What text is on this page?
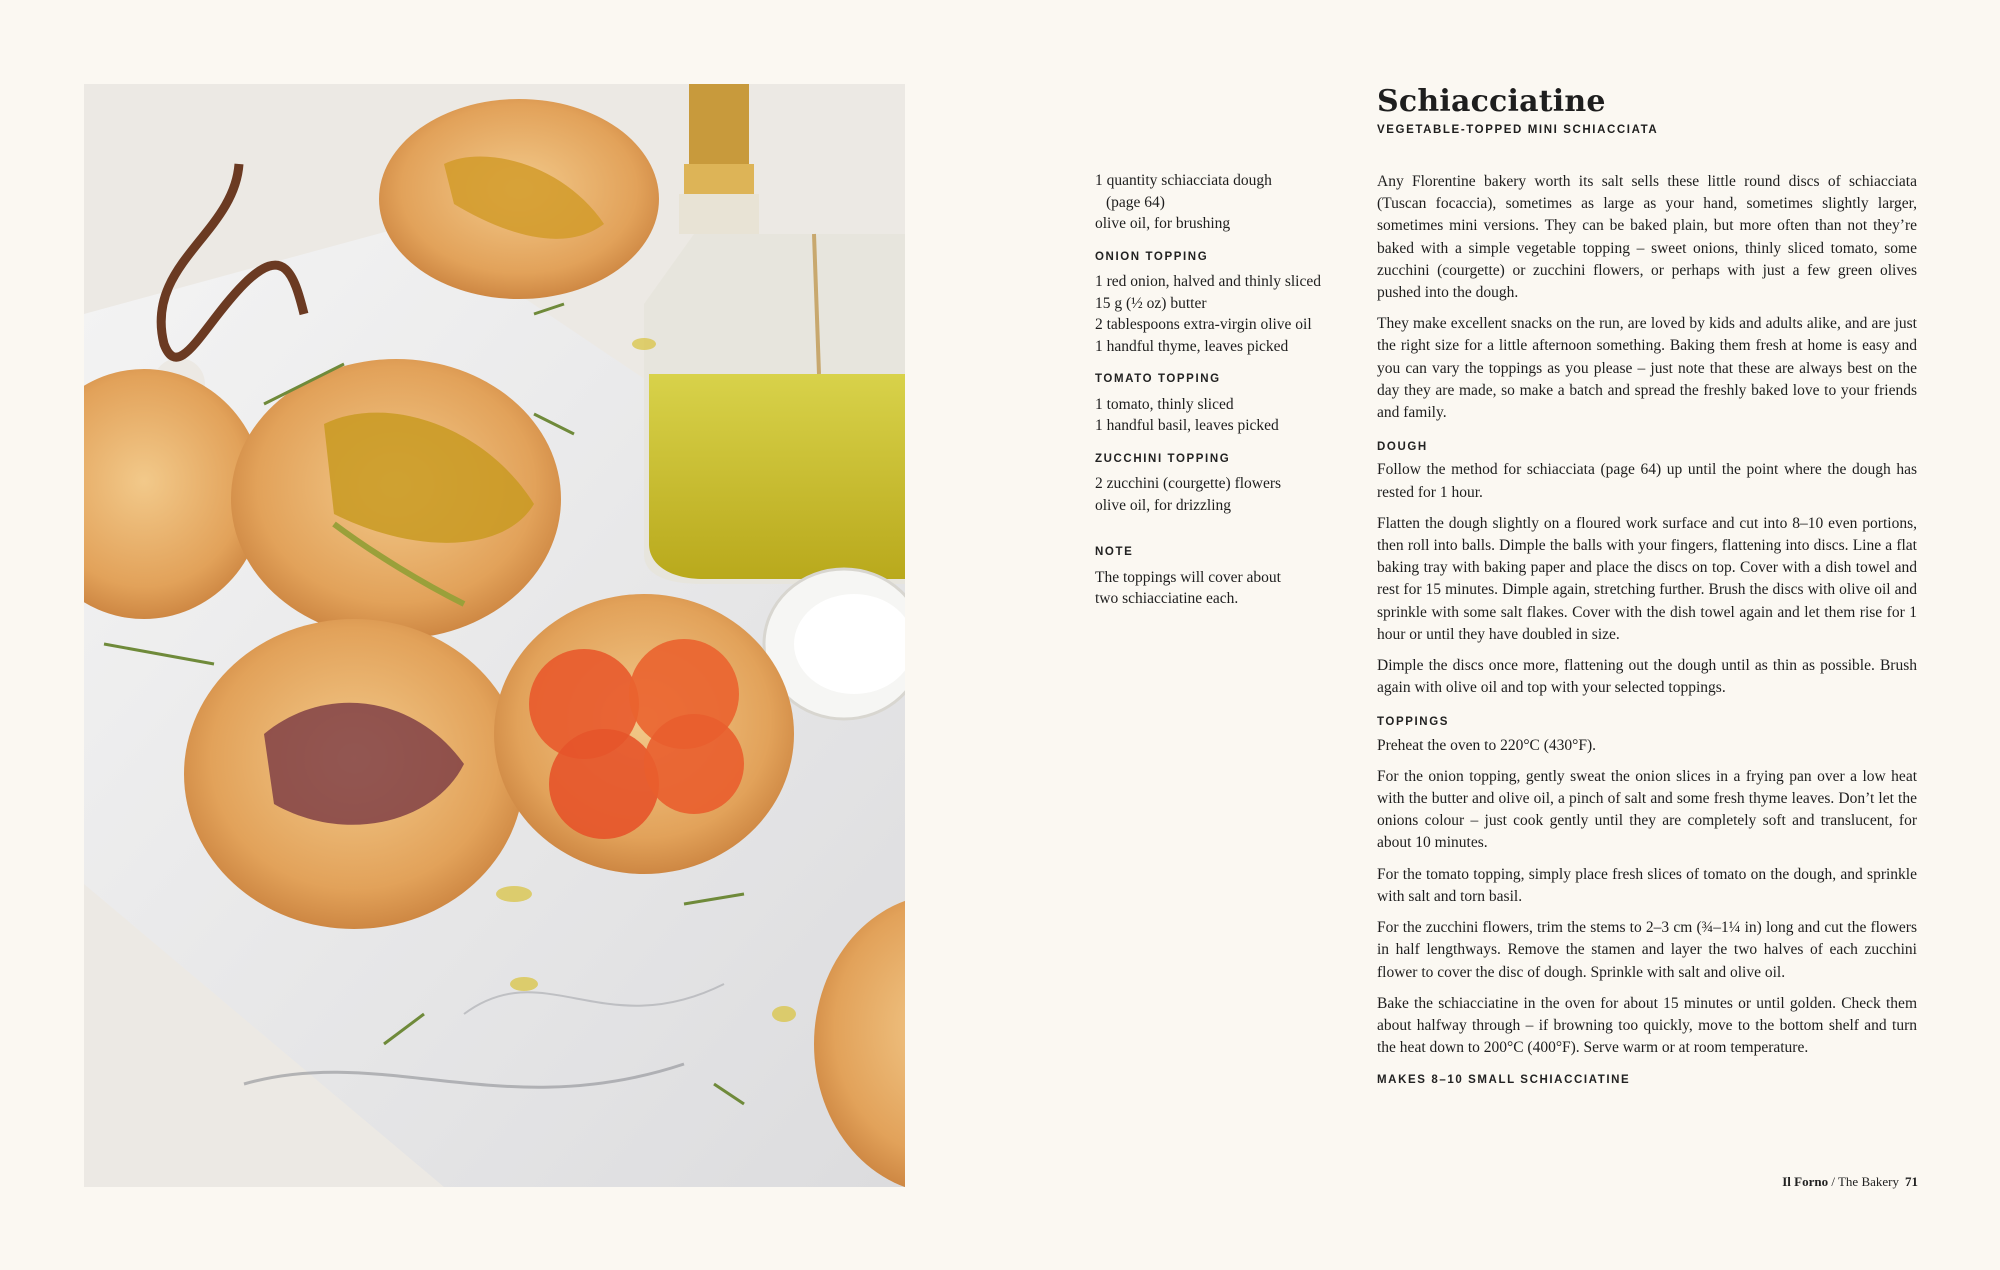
Schiacciatine
VEGETABLE-TOPPED MINI SCHIACCIATA
1 quantity schiacciata dough
(page 64)
olive oil, for brushing
ONION TOPPING
1 red onion, halved and thinly sliced
15 g (½ oz) butter
2 tablespoons extra-virgin olive oil
1 handful thyme, leaves picked
TOMATO TOPPING
1 tomato, thinly sliced
1 handful basil, leaves picked
ZUCCHINI TOPPING
2 zucchini (courgette) flowers
olive oil, for drizzling
NOTE
The toppings will cover about
two schiacciatine each.

Any Florentine bakery worth its salt sells these little round discs of schiacciata (Tuscan focaccia), sometimes as large as your hand, sometimes slightly larger, sometimes mini versions. They can be baked plain, but more often than not they’re baked with a simple vegetable topping – sweet onions, thinly sliced tomato, some zucchini (courgette) or zucchini flowers, or perhaps with just a few green olives pushed into the dough.

They make excellent snacks on the run, are loved by kids and adults alike, and are just the right size for a little afternoon something. Baking them fresh at home is easy and you can vary the toppings as you please – just note that these are always best on the day they are made, so make a batch and spread the freshly baked love to your friends and family.

DOUGH

Follow the method for schiacciata (page 64) up until the point where the dough has rested for 1 hour.

Flatten the dough slightly on a floured work surface and cut into 8–10 even portions, then roll into balls. Dimple the balls with your fingers, flattening into discs. Line a flat baking tray with baking paper and place the discs on top. Cover with a dish towel and rest for 15 minutes. Dimple again, stretching further. Brush the discs with olive oil and sprinkle with some salt flakes. Cover with the dish towel again and let them rise for 1 hour or until they have doubled in size.

Dimple the discs once more, flattening out the dough until as thin as possible. Brush again with olive oil and top with your selected toppings.

TOPPINGS

Preheat the oven to 220°C (430°F).

For the onion topping, gently sweat the onion slices in a frying pan over a low heat with the butter and olive oil, a pinch of salt and some fresh thyme leaves. Don’t let the onions colour – just cook gently until they are completely soft and translucent, for about 10 minutes.

For the tomato topping, simply place fresh slices of tomato on the dough, and sprinkle with salt and torn basil.

For the zucchini flowers, trim the stems to 2–3 cm (¾–1¼ in) long and cut the flowers in half lengthways. Remove the stamen and layer the two halves of each zucchini flower to cover the disc of dough. Sprinkle with salt and olive oil.

Bake the schiacciatine in the oven for about 15 minutes or until golden. Check them about halfway through – if browning too quickly, move to the bottom shelf and turn the heat down to 200°C (400°F). Serve warm or at room temperature.

MAKES 8–10 SMALL SCHIACCIATINE
Il Forno / The Bakery 71
